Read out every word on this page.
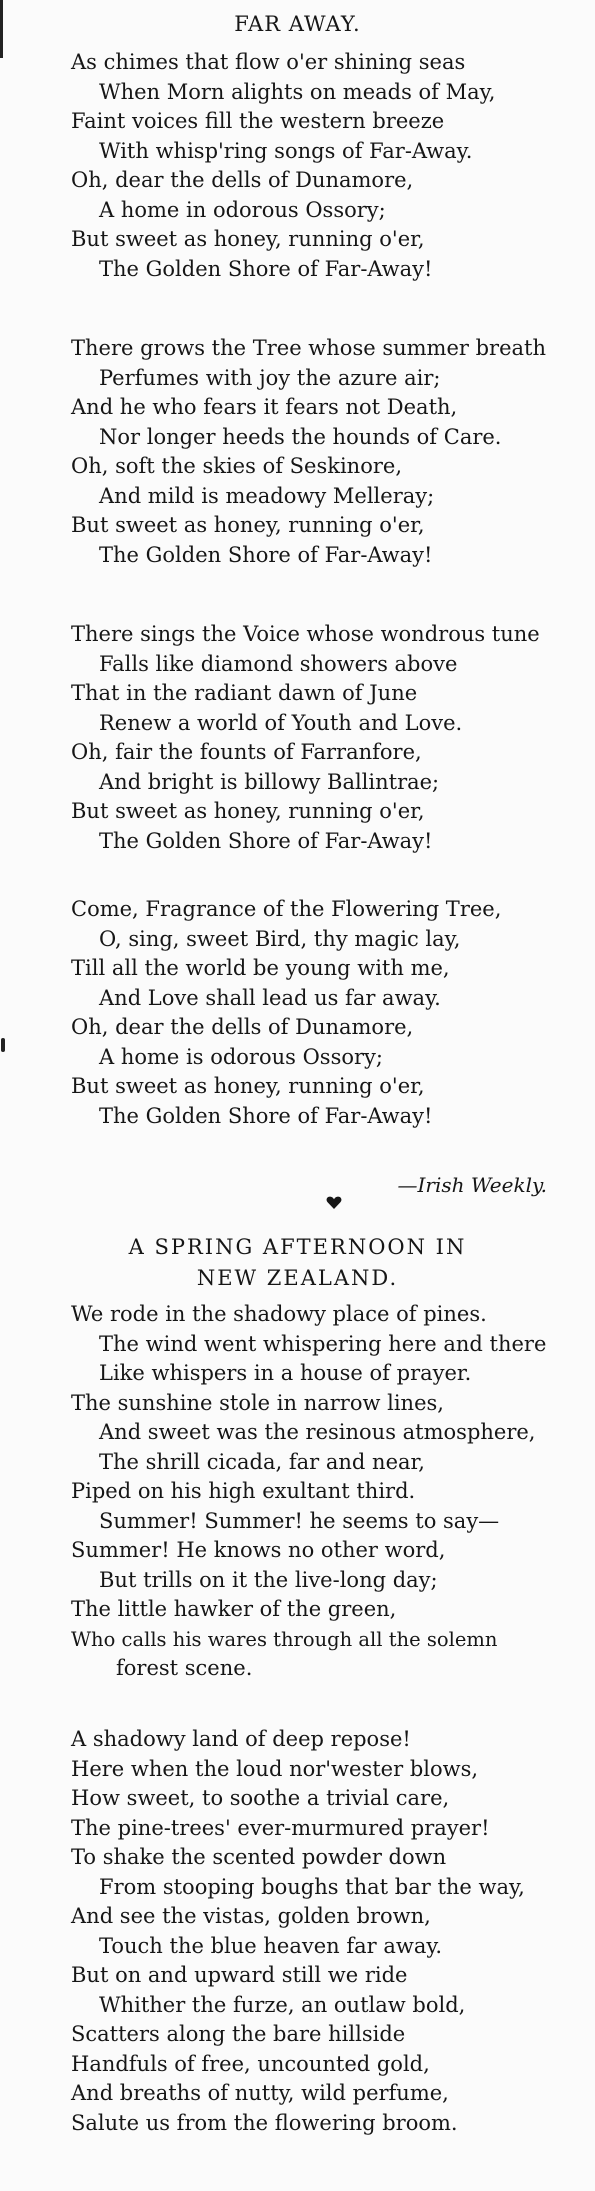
FAR AWAY.
As chimes that flow o'er shining seas
When Morn alights on meads of May,
Faint voices fill the western breeze
With whisp'ring songs of Far-Away.
Oh, dear the dells of Dunamore,
A home in odorous Ossory;
But sweet as honey, running o'er,
The Golden Shore of Far-Away!
There grows the Tree whose summer breath
Perfumes with joy the azure air;
And he who fears it fears not Death,
Nor longer heeds the hounds of Care.
Oh, soft the skies of Seskinore,
And mild is meadowy Melleray;
But sweet as honey, running o'er,
The Golden Shore of Far-Away!
There sings the Voice whose wondrous tune
Falls like diamond showers above
That in the radiant dawn of June
Renew a world of Youth and Love.
Oh, fair the founts of Farranfore,
And bright is billowy Ballintrae;
But sweet as honey, running o'er,
The Golden Shore of Far-Away!
Come, Fragrance of the Flowering Tree,
O, sing, sweet Bird, thy magic lay,
Till all the world be young with me,
And Love shall lead us far away.
Oh, dear the dells of Dunamore,
A home is odorous Ossory;
But sweet as honey, running o'er,
The Golden Shore of Far-Away!

—Irish Weekly.

A SPRING AFTERNOON IN
NEW ZEALAND.
We rode in the shadowy place of pines.
The wind went whispering here and there
Like whispers in a house of prayer.
The sunshine stole in narrow lines,
And sweet was the resinous atmosphere,
The shrill cicada, far and near,
Piped on his high exultant third.
Summer! Summer! he seems to say—
Summer! He knows no other word,
But trills on it the live-long day;
The little hawker of the green,
Who calls his wares through all the solemn
forest scene.
A shadowy land of deep repose!
Here when the loud nor'wester blows,
How sweet, to soothe a trivial care,
The pine-trees' ever-murmured prayer!
To shake the scented powder down
From stooping boughs that bar the way,
And see the vistas, golden brown,
Touch the blue heaven far away.
But on and upward still we ride
Whither the furze, an outlaw bold,
Scatters along the bare hillside
Handfuls of free, uncounted gold,
And breaths of nutty, wild perfume,
Salute us from the flowering broom.
